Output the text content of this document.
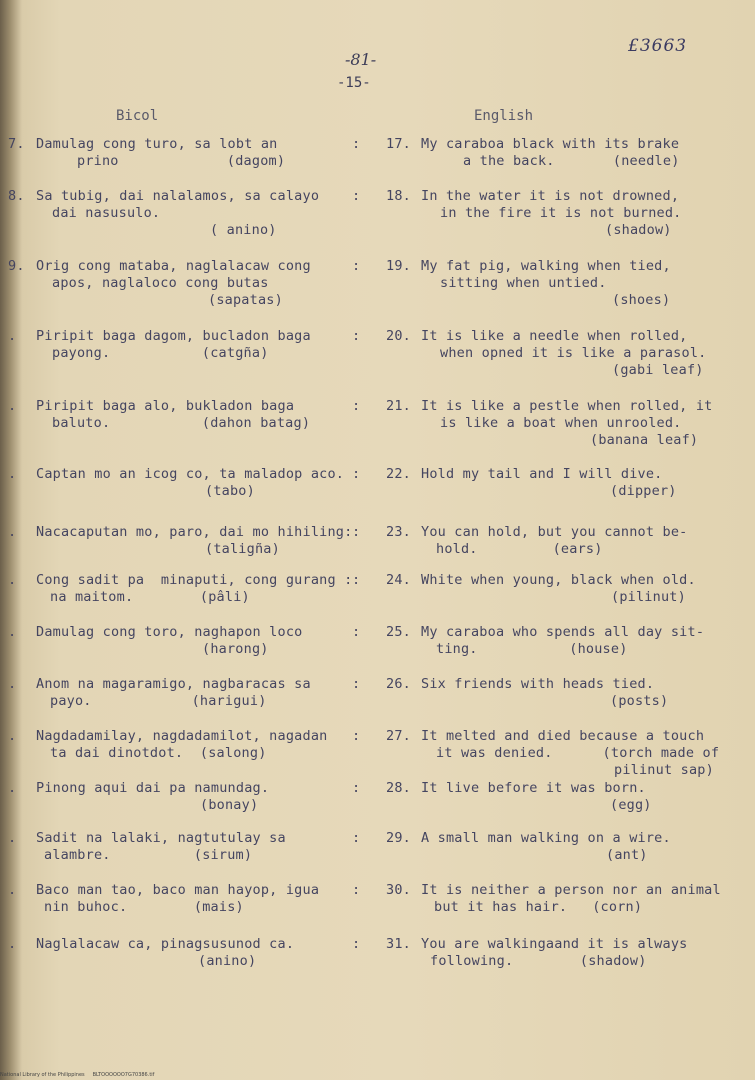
£3663
-81-
-15-
Bicol	English
7. Damulag cong turo, sa lobt an
prino             (dagom)
: 17. My caraboa black with its brake
a the back.       (needle)
8. Sa tubig, dai nalalamos, sa calayo
dai nasusulo.
( anino)
: 18. In the water it is not drowned,
in the fire it is not burned.
(shadow)
9. Orig cong mataba, naglalacaw cong
apos, naglaloco cong butas
(sapatas)
: 19. My fat pig, walking when tied,
sitting when untied.
(shoes)
. Piripit baga dagom, bucladon baga
payong.           (catgña)
: 20. It is like a needle when rolled,
when opned it is like a parasol.
(gabi leaf)
. Piripit baga alo, bukladon baga
baluto.           (dahon batag)
: 21. It is like a pestle when rolled, it
is like a boat when unrooled.
(banana leaf)
. Captan mo an icog co, ta maladop aco.
(tabo)
: 22. Hold my tail and I will dive.
(dipper)
. Nacacaputan mo, paro, dai mo hihiling:
(taligña)
: 23. You can hold, but you cannot be-
hold.         (ears)
. Cong sadit pa  minaputi, cong gurang :
na maitom.        (pâli)
: 24. White when young, black when old.
(pilinut)
. Damulag cong toro, naghapon loco
(harong)
: 25. My caraboa who spends all day sit-
ting.           (house)
. Anom na magaramigo, nagbaracas sa
payo.            (harigui)
: 26. Six friends with heads tied.
(posts)
. Nagdadamilay, nagdadamilot, nagadan
ta dai dinotdot.  (salong)
: 27. It melted and died because a touch
it was denied.      (torch made of
pilinut sap)
. Pinong aqui dai pa namundag.
(bonay)
: 28. It live before it was born.
(egg)
. Sadit na lalaki, nagtutulay sa
alambre.          (sirum)
: 29. A small man walking on a wire.
(ant)
. Baco man tao, baco man hayop, igua
nin buhoc.        (mais)
: 30. It is neither a person nor an animal
but it has hair.   (corn)
. Naglalacaw ca, pinagsusunod ca.
(anino)
: 31. You are walkingaand it is always
following.        (shadow)
National Library of the Philippines     BLTOOOOOO7G70386.tif
